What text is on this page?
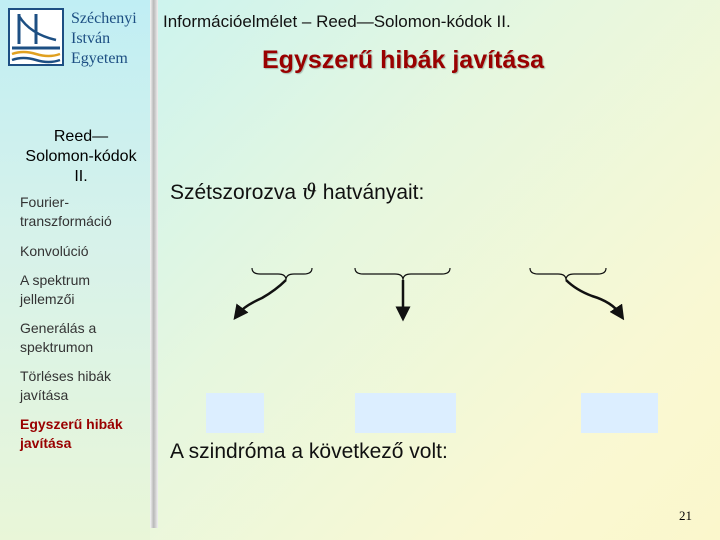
Széchenyi
István
Egyetem
Információelmélet – Reed—Solomon-kódok II.
Egyszerű hibák javítása
Reed—
Solomon-kódok
II.
Fourier-transzformáció
Konvolúció
A spektrum jellemzői
Generálás a spektrumon
Törléses hibák javítása
Egyszerű hibák javítása
Szétszorozva ϑ hatványait:
A szindróma a következő volt:
21
